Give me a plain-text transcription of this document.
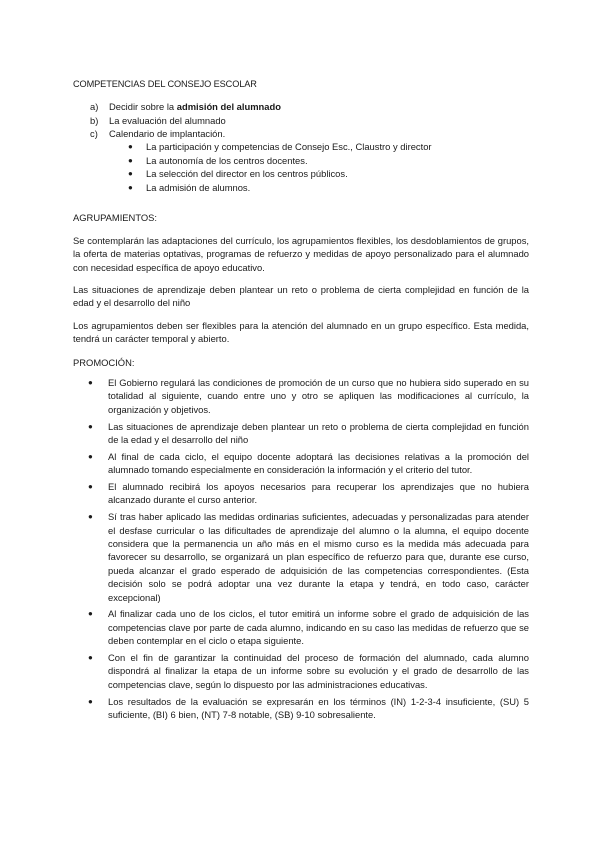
COMPETENCIAS DEL CONSEJO ESCOLAR
a)	Decidir sobre la admisión del alumnado
b)	La evaluación del alumnado
c)	Calendario de implantación.
●	La participación y competencias de Consejo Esc., Claustro y director
●	La autonomía de los centros docentes.
●	La selección del director en los centros públicos.
●	La admisión de alumnos.
AGRUPAMIENTOS:
Se contemplarán las adaptaciones del currículo, los agrupamientos flexibles, los desdoblamientos de grupos, la oferta de materias optativas, programas de refuerzo y medidas de apoyo personalizado para el alumnado con necesidad específica de apoyo educativo.
Las situaciones de aprendizaje deben plantear un reto o problema de cierta complejidad en función de la edad y el desarrollo del niño
Los agrupamientos deben ser flexibles para la atención del alumnado en un grupo específico. Esta medida, tendrá un carácter temporal y abierto.
PROMOCIÓN:
●	El Gobierno regulará las condiciones de promoción de un curso que no hubiera sido superado en su totalidad al siguiente, cuando entre uno y otro se apliquen las modificaciones al currículo, la organización y objetivos.
●	Las situaciones de aprendizaje deben plantear un reto o problema de cierta complejidad en función de la edad y el desarrollo del niño
●	Al final de cada ciclo, el equipo docente adoptará las decisiones relativas a la promoción del alumnado tomando especialmente en consideración la información y el criterio del tutor.
●	El alumnado recibirá los apoyos necesarios para recuperar los aprendizajes que no hubiera alcanzado durante el curso anterior.
●	Sí tras haber aplicado las medidas ordinarias suficientes, adecuadas y personalizadas para atender el desfase curricular o las dificultades de aprendizaje del alumno o la alumna, el equipo docente considera que la permanencia un año más en el mismo curso es la medida más adecuada para favorecer su desarrollo, se organizará un plan específico de refuerzo para que, durante ese curso, pueda alcanzar el grado esperado de adquisición de las competencias correspondientes. (Esta decisión solo se podrá adoptar una vez durante la etapa y tendrá, en todo caso, carácter excepcional)
●	Al finalizar cada uno de los ciclos, el tutor emitirá un informe sobre el grado de adquisición de las competencias clave por parte de cada alumno, indicando en su caso las medidas de refuerzo que se deben contemplar en el ciclo o etapa siguiente.
●	Con el fin de garantizar la continuidad del proceso de formación del alumnado, cada alumno dispondrá al finalizar la etapa de un informe sobre su evolución y el grado de desarrollo de las competencias clave, según lo dispuesto por las administraciones educativas.
●	Los resultados de la evaluación se expresarán en los términos (IN) 1-2-3-4 insuficiente, (SU) 5 suficiente, (BI) 6 bien, (NT) 7-8 notable, (SB) 9-10 sobresaliente.
